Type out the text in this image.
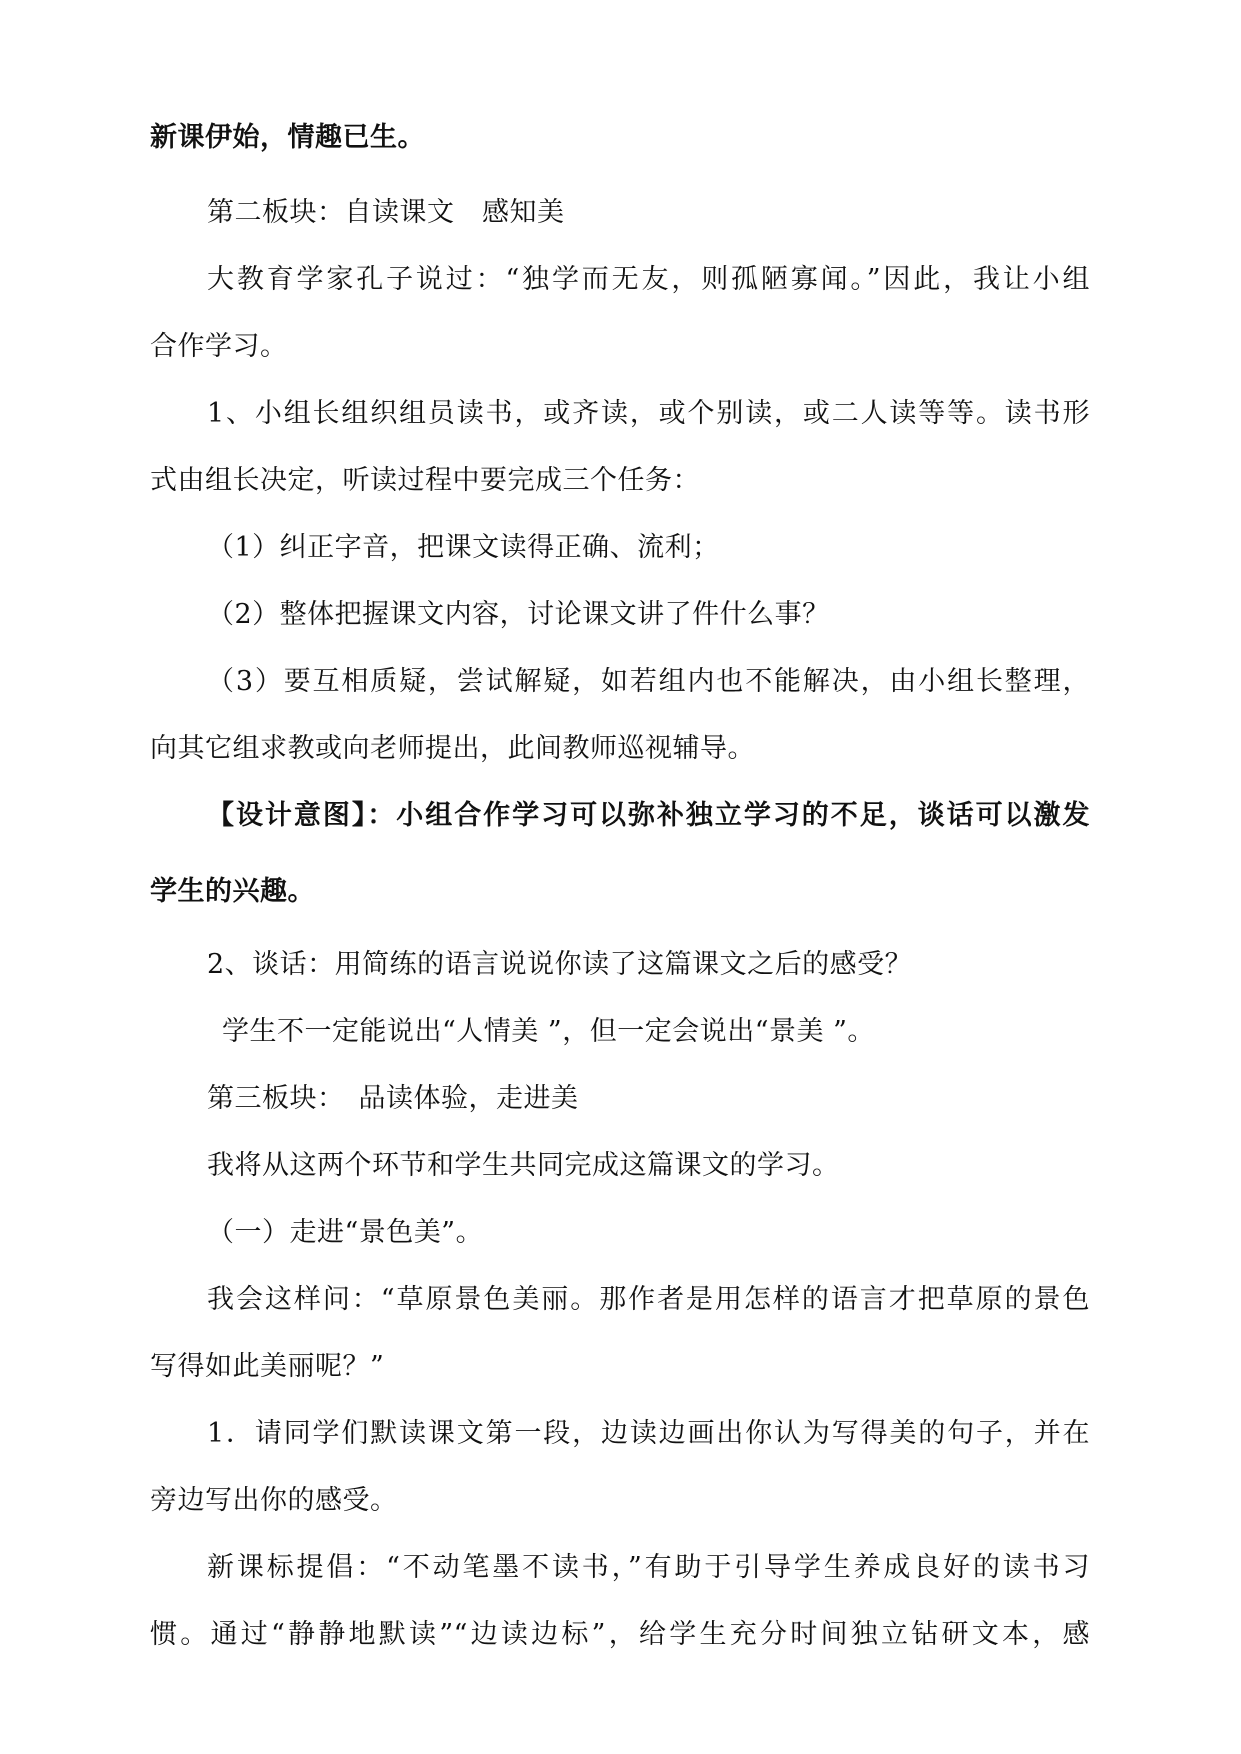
新课伊始，情趣已生。
第二板块：自读课文　感知美
大教育学家孔子说过：“独学而无友，则孤陋寡闻。”因此，我让小组
合作学习。
1、小组长组织组员读书，或齐读，或个别读，或二人读等等。读书形
式由组长决定，听读过程中要完成三个任务：
（1）纠正字音，把课文读得正确、流利；
（2）整体把握课文内容，讨论课文讲了件什么事？
（3）要互相质疑，尝试解疑，如若组内也不能解决，由小组长整理，
向其它组求教或向老师提出，此间教师巡视辅导。
【设计意图】：小组合作学习可以弥补独立学习的不足，谈话可以激发
学生的兴趣。
2、谈话：用简练的语言说说你读了这篇课文之后的感受？
学生不一定能说出“人情美 ”，但一定会说出“景美 ”。
第三板块：　品读体验，走进美
我将从这两个环节和学生共同完成这篇课文的学习。
（一）走进“景色美”。
我会这样问：“草原景色美丽。那作者是用怎样的语言才把草原的景色
写得如此美丽呢？”
1．请同学们默读课文第一段，边读边画出你认为写得美的句子，并在
旁边写出你的感受。
新课标提倡：“不动笔墨不读书，”有助于引导学生养成良好的读书习
惯。通过“静静地默读”“边读边标”，给学生充分时间独立钻研文本，感
